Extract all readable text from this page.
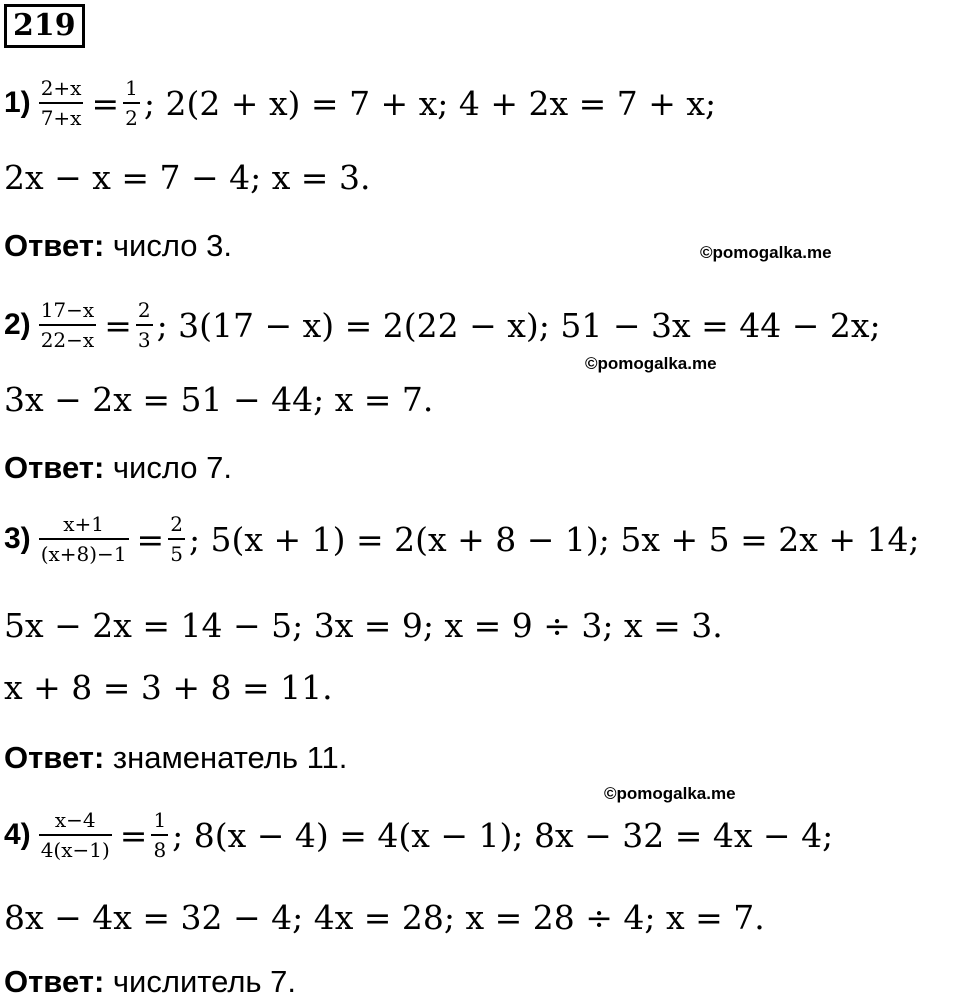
219
$1) \frac{2+x}{7+x} = \frac{1}{2}$ ; 2(2 + x) = 7 + x; 4 + 2x = 7 + x;
2x − x = 7 − 4; x = 3.
Ответ: число 3.	©pomogalka.me
$2) \frac{17-x}{22-x} = \frac{2}{3}$ ; 3(17 − x) = 2(22 − x); 51 − 3x = 44 − 2x;
©pomogalka.me
3x − 2x = 51 − 44; x = 7.
Ответ: число 7.
$3) \frac{x+1}{(x+8)-1} = \frac{2}{5}$ ; 5(x + 1) = 2(x + 8 − 1); 5x + 5 = 2x + 14;
5x − 2x = 14 − 5; 3x = 9; x = 9 ÷ 3; x = 3.
x + 8 = 3 + 8 = 11.
Ответ: знаменатель 11.
©pomogalka.me
$4) \frac{x-4}{4(x-1)} = \frac{1}{8}$ ; 8(x − 4) = 4(x − 1); 8x − 32 = 4x − 4;
8x − 4x = 32 − 4; 4x = 28; x = 28 ÷ 4; x = 7.
Ответ: числитель 7.
